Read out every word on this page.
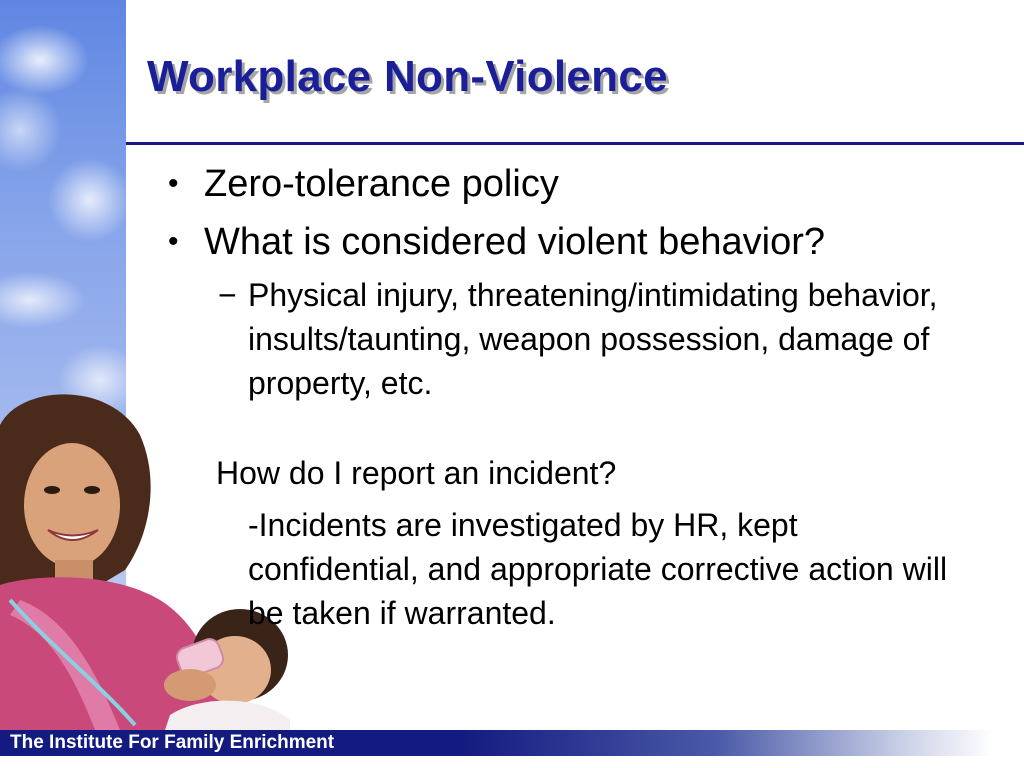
Workplace Non-Violence
• Zero-tolerance policy
• What is considered violent behavior?
− Physical injury, threatening/intimidating behavior, insults/taunting, weapon possession, damage of property, etc.
How do I report an incident?
-Incidents are investigated by HR, kept confidential, and appropriate corrective action will be taken if warranted.
The Institute For Family Enrichment
